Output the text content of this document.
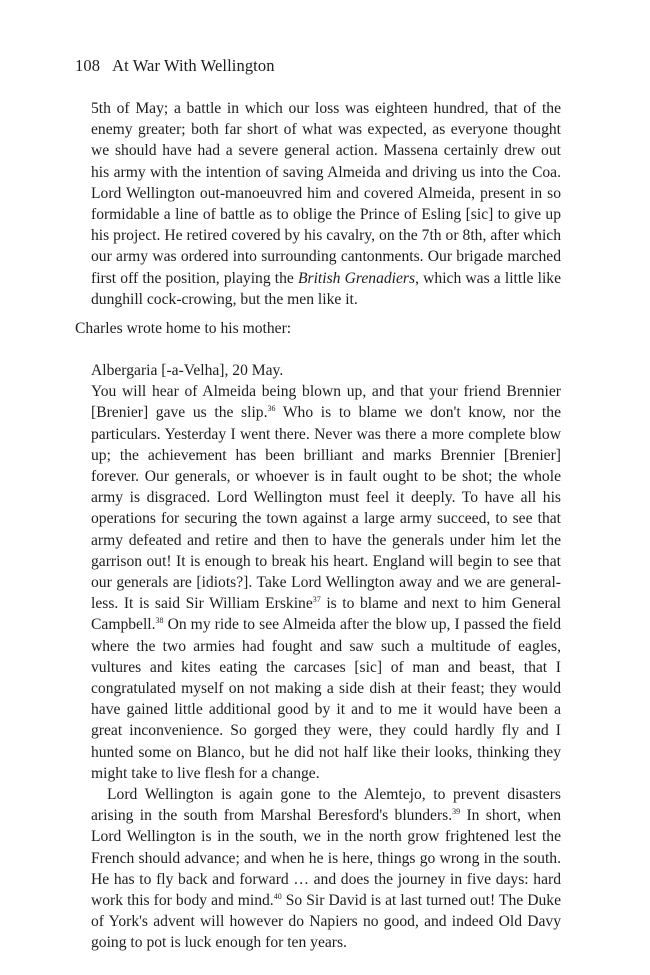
108 At War With Wellington

5th of May; a battle in which our loss was eighteen hundred, that of the enemy greater; both far short of what was expected, as everyone thought we should have had a severe general action. Massena certainly drew out his army with the intention of saving Almeida and driving us into the Coa. Lord Wellington out-manoeuvred him and covered Almeida, present in so formidable a line of battle as to oblige the Prince of Esling [sic] to give up his project. He retired covered by his cavalry, on the 7th or 8th, after which our army was ordered into surrounding cantonments. Our brigade marched first off the position, playing the British Grenadiers, which was a little like dunghill cock-crowing, but the men like it.

Charles wrote home to his mother:

Albergaria [-a-Velha], 20 May.

You will hear of Almeida being blown up, and that your friend Brennier [Brenier] gave us the slip.$^{36}$ Who is to blame we don't know, nor the particulars. Yesterday I went there. Never was there a more complete blow up; the achievement has been brilliant and marks Brennier [Brenier] forever. Our generals, or whoever is in fault ought to be shot; the whole army is disgraced. Lord Wellington must feel it deeply. To have all his operations for securing the town against a large army succeed, to see that army defeated and retire and then to have the generals under him let the garrison out! It is enough to break his heart. England will begin to see that our generals are [idiots?]. Take Lord Wellington away and we are general-less. It is said Sir William Erskine$^{37}$ is to blame and next to him General Campbell.$^{38}$ On my ride to see Almeida after the blow up, I passed the field where the two armies had fought and saw such a multitude of eagles, vultures and kites eating the carcases [sic] of man and beast, that I congratulated myself on not making a side dish at their feast; they would have gained little additional good by it and to me it would have been a great inconvenience. So gorged they were, they could hardly fly and I hunted some on Blanco, but he did not half like their looks, thinking they might take to live flesh for a change.

Lord Wellington is again gone to the Alemtejo, to prevent disasters arising in the south from Marshal Beresford's blunders.$^{39}$ In short, when Lord Wellington is in the south, we in the north grow frightened lest the French should advance; and when he is here, things go wrong in the south. He has to fly back and forward … and does the journey in five days: hard work this for body and mind.$^{40}$ So Sir David is at last turned out! The Duke of York's advent will however do Napiers no good, and indeed Old Davy going to pot is luck enough for ten years.
